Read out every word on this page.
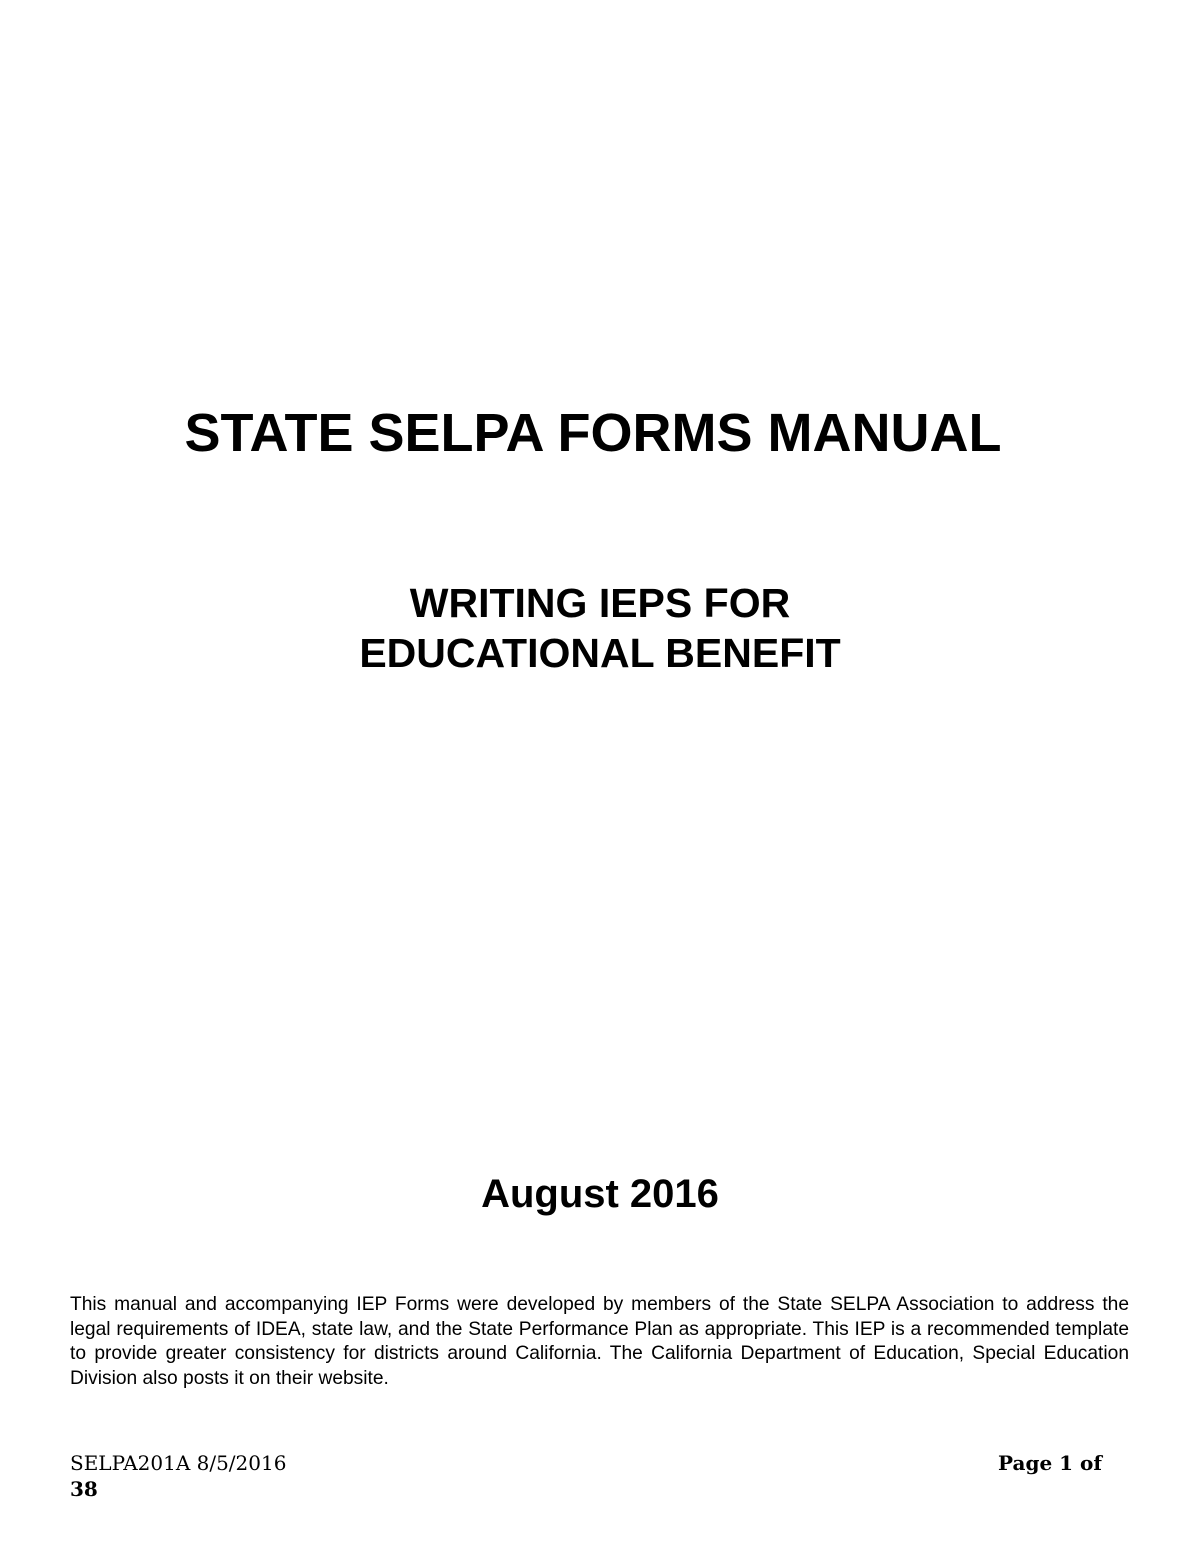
STATE SELPA FORMS MANUAL
WRITING IEPS FOR
EDUCATIONAL BENEFIT
August 2016

This manual and accompanying IEP Forms were developed by members of the State SELPA Association to address the legal requirements of IDEA, state law, and the State Performance Plan as appropriate. This IEP is a recommended template to provide greater consistency for districts around California. The California Department of Education, Special Education Division also posts it on their website.

SELPA201A 8/5/2016	Page 1 of
38
